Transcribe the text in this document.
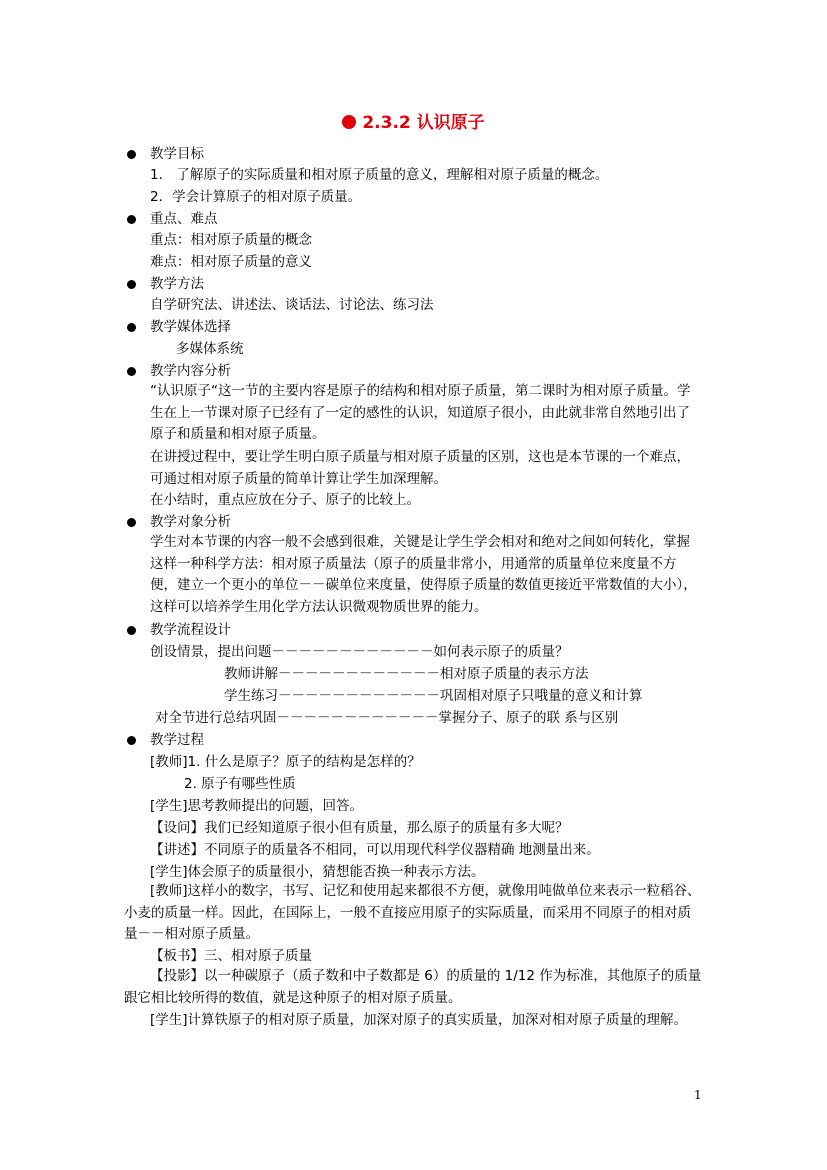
2.3.2 认识原子
教学目标
1． 了解原子的实际质量和相对原子质量的意义，理解相对原子质量的概念。
2．学会计算原子的相对原子质量。
重点、难点
重点：相对原子质量的概念
难点：相对原子质量的意义
教学方法
自学研究法、讲述法、谈话法、讨论法、练习法
教学媒体选择
多媒体系统
教学内容分析
“认识原子“这一节的主要内容是原子的结构和相对原子质量，第二课时为相对原子质量。学生在上一节课对原子已经有了一定的感性的认识，知道原子很小，由此就非常自然地引出了原子和质量和相对原子质量。
在讲授过程中，要让学生明白原子质量与相对原子质量的区别，这也是本节课的一个难点，可通过相对原子质量的简单计算让学生加深理解。
在小结时，重点应放在分子、原子的比较上。
教学对象分析
学生对本节课的内容一般不会感到很难，关键是让学生学会相对和绝对之间如何转化，掌握这样一种科学方法：相对原子质量法（原子的质量非常小，用通常的质量单位来度量不方便，建立一个更小的单位－－碳单位来度量，使得原子质量的数值更接近平常数值的大小），这样可以培养学生用化学方法认识微观物质世界的能力。
教学流程设计
创设情景，提出问题－－－－－－－－－－－－如何表示原子的质量？
教师讲解－－－－－－－－－－－－相对原子质量的表示方法
学生练习－－－－－－－－－－－－巩固相对原子只哦量的意义和计算
对全节进行总结巩固－－－－－－－－－－－－掌握分子、原子的联 系与区别
教学过程
[教师]1. 什么是原子？原子的结构是怎样的？
2. 原子有哪些性质
[学生]思考教师提出的问题，回答。
【设问】我们已经知道原子很小但有质量，那么原子的质量有多大呢？
【讲述】不同原子的质量各不相同，可以用现代科学仪器精确 地测量出来。
[学生]体会原子的质量很小，猜想能否换一种表示方法。
[教师]这样小的数字，书写、记忆和使用起来都很不方便，就像用吨做单位来表示一粒稻谷、小麦的质量一样。因此，在国际上，一般不直接应用原子的实际质量，而采用不同原子的相对质量－－相对原子质量。
【板书】三、相对原子质量
【投影】以一种碳原子（质子数和中子数都是 6）的质量的 1/12 作为标准，其他原子的质量跟它相比较所得的数值，就是这种原子的相对原子质量。
[学生]计算铁原子的相对原子质量，加深对原子的真实质量，加深对相对原子质量的理解。
1
